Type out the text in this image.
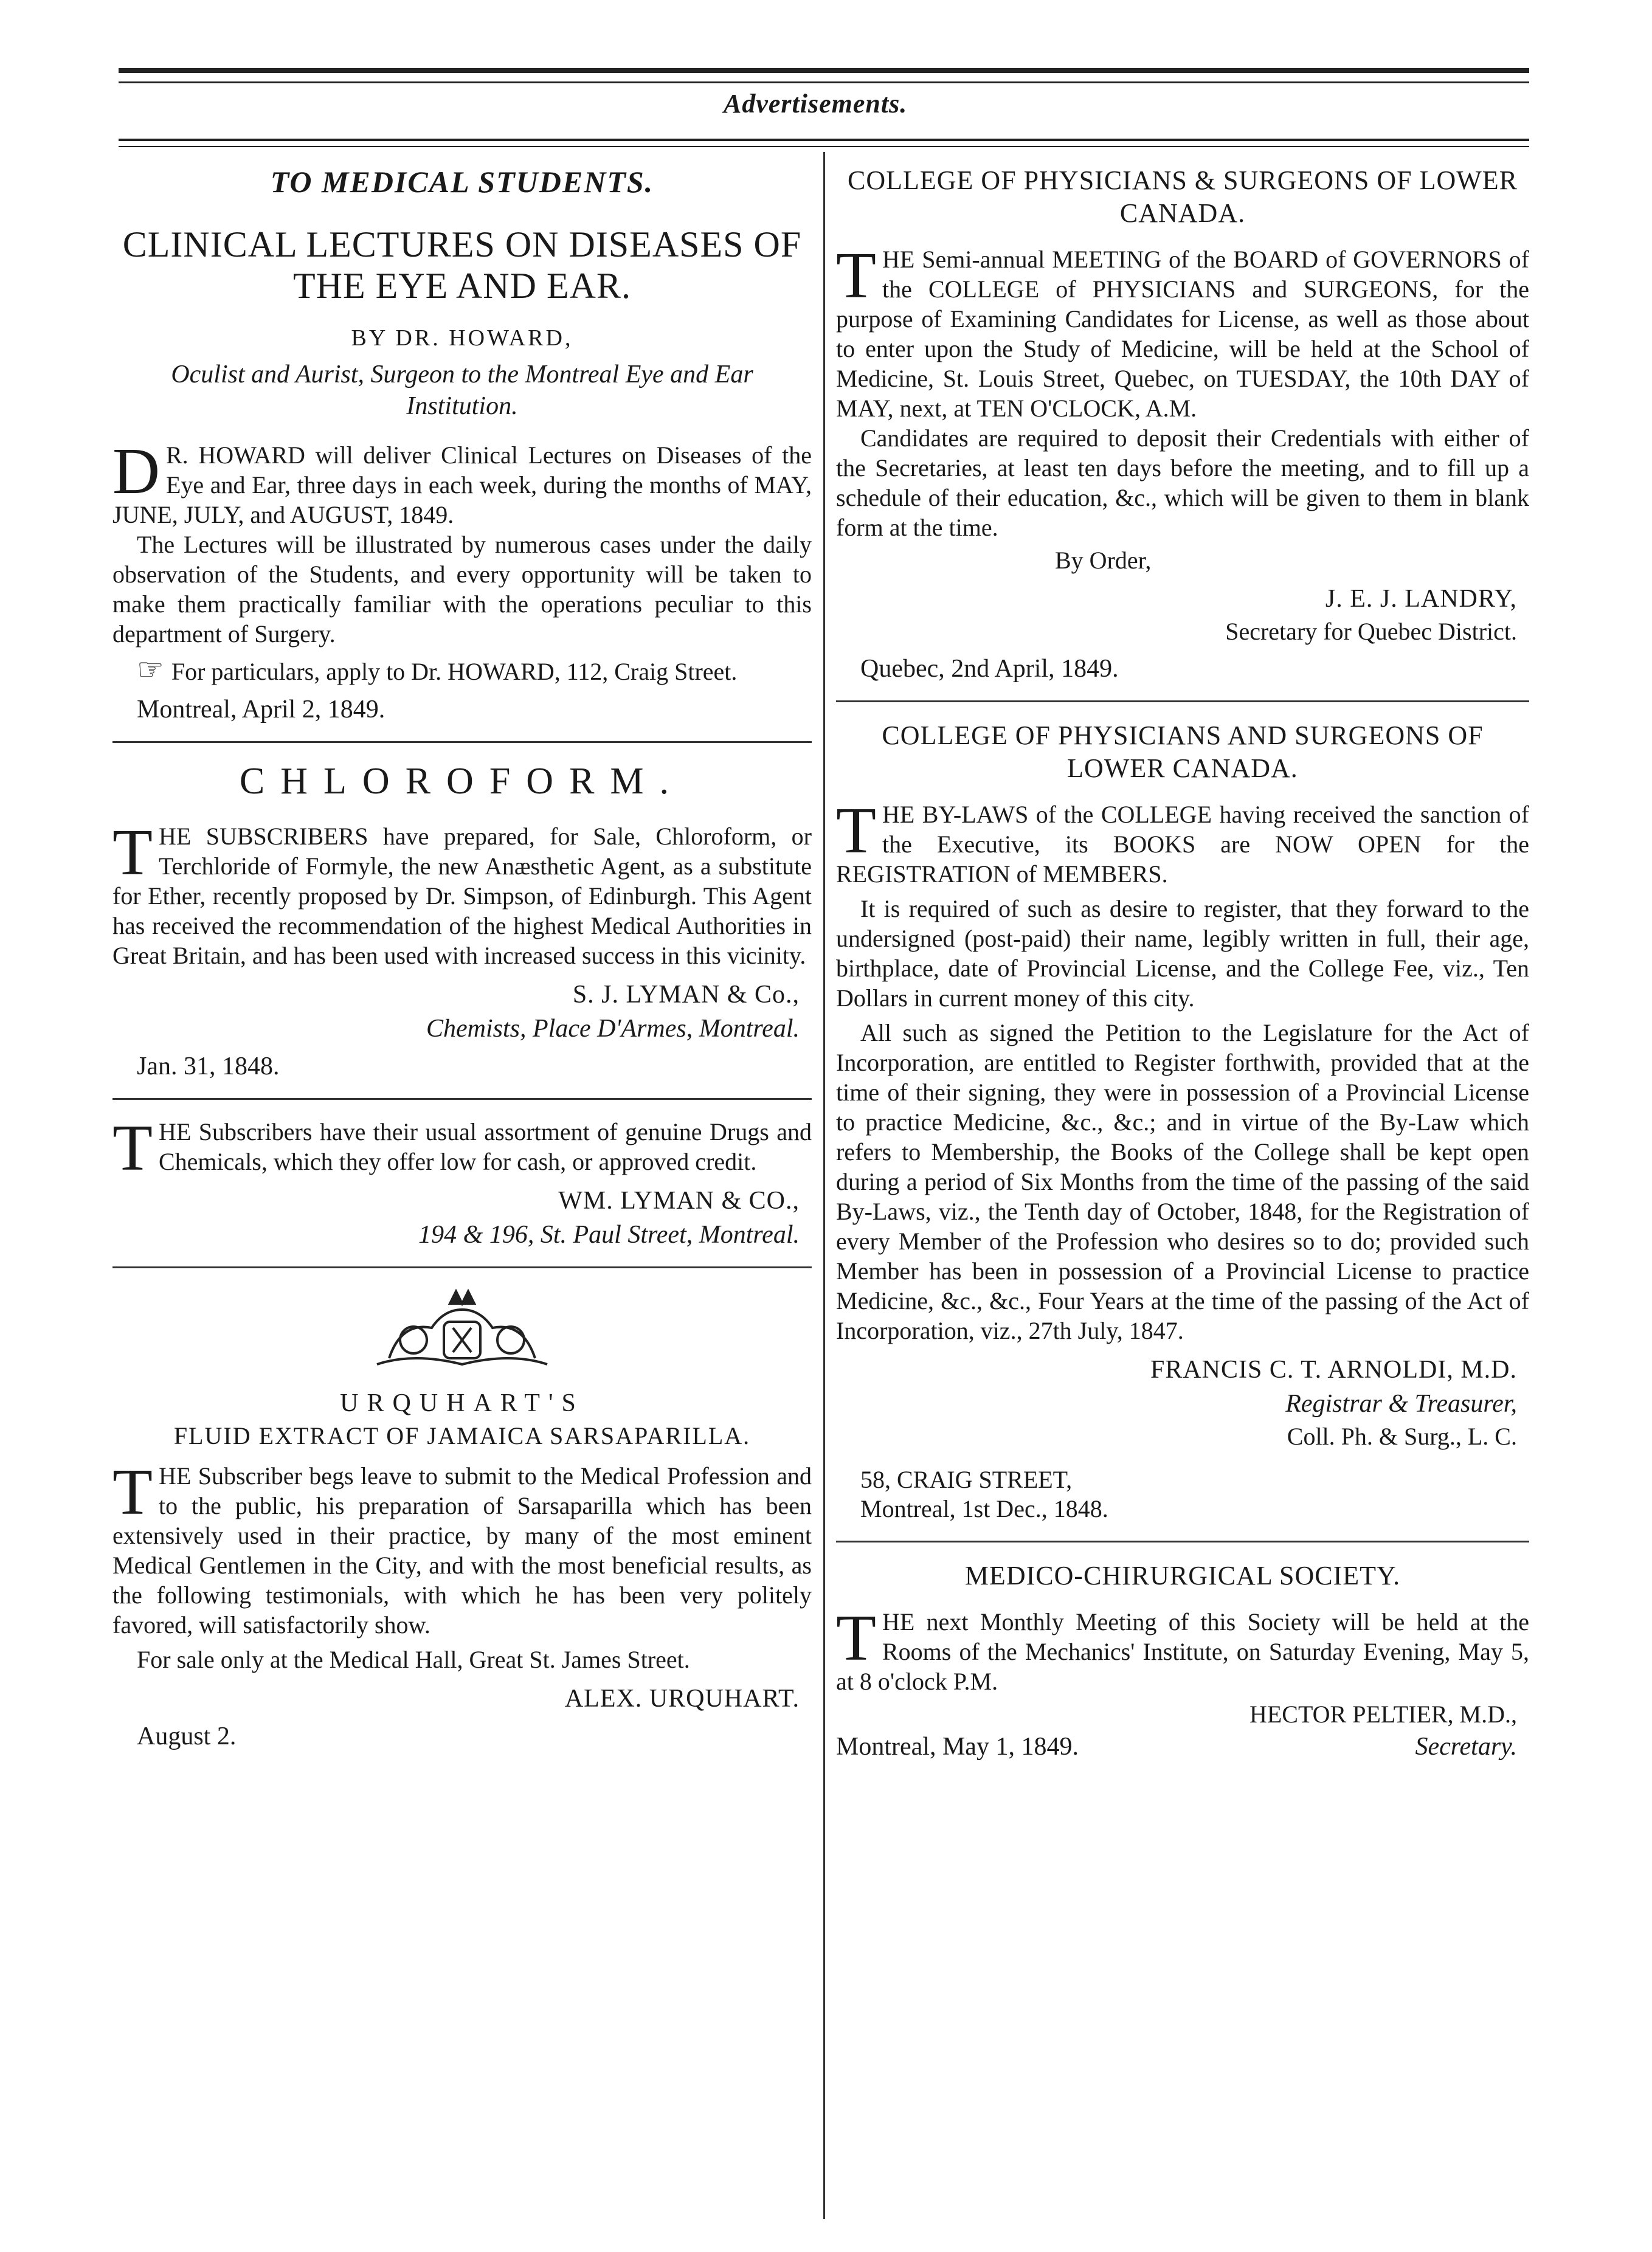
Advertisements.
TO MEDICAL STUDENTS.
CLINICAL LECTURES ON DISEASES OF THE EYE AND EAR.
BY DR. HOWARD,
Oculist and Aurist, Surgeon to the Montreal Eye and Ear Institution.

D R. HOWARD will deliver Clinical Lectures on Diseases of the Eye and Ear, three days in each week, during the months of MAY, JUNE, JULY, and AUGUST, 1849.

The Lectures will be illustrated by numerous cases under the daily observation of the Students, and every opportunity will be taken to make them practically familiar with the operations peculiar to this department of Surgery.

☞ For particulars, apply to Dr. HOWARD, 112, Craig Street.

Montreal, April 2, 1849.
CHLOROFORM.

THE SUBSCRIBERS have prepared, for Sale, Chloroform, or Terchloride of Formyle, the new Anæsthetic Agent, as a substitute for Ether, recently proposed by Dr. Simpson, of Edinburgh. This Agent has received the recommendation of the highest Medical Authorities in Great Britain, and has been used with increased success in this vicinity.

S. J. LYMAN & Co.,
Chemists, Place D'Armes, Montreal.
Jan. 31, 1848.

THE Subscribers have their usual assortment of genuine Drugs and Chemicals, which they offer low for cash, or approved credit.

WM. LYMAN & CO.,
194 & 196, St. Paul Street, Montreal.
URQUHART'S
FLUID EXTRACT OF JAMAICA SARSAPARILLA.

THE Subscriber begs leave to submit to the Medical Profession and to the public, his preparation of Sarsaparilla which has been extensively used in their practice, by many of the most eminent Medical Gentlemen in the City, and with the most beneficial results, as the following testimonials, with which he has been very politely favored, will satisfactorily show.

For sale only at the Medical Hall, Great St. James Street.

ALEX. URQUHART.
August 2.
COLLEGE OF PHYSICIANS & SURGEONS OF LOWER CANADA.

THE Semi-annual MEETING of the BOARD of GOVERNORS of the COLLEGE of PHYSICIANS and SURGEONS, for the purpose of Examining Candidates for License, as well as those about to enter upon the Study of Medicine, will be held at the School of Medicine, St. Louis Street, Quebec, on TUESDAY, the 10th DAY of MAY, next, at TEN O'CLOCK, A.M.

Candidates are required to deposit their Credentials with either of the Secretaries, at least ten days before the meeting, and to fill up a schedule of their education, &c., which will be given to them in blank form at the time.

By Order,
J. E. J. LANDRY,
Secretary for Quebec District.
Quebec, 2nd April, 1849.
COLLEGE OF PHYSICIANS AND SURGEONS OF LOWER CANADA.

THE BY-LAWS of the COLLEGE having received the sanction of the Executive, its BOOKS are NOW OPEN for the REGISTRATION of MEMBERS.

It is required of such as desire to register, that they forward to the undersigned (post-paid) their name, legibly written in full, their age, birthplace, date of Provincial License, and the College Fee, viz., Ten Dollars in current money of this city.

All such as signed the Petition to the Legislature for the Act of Incorporation, are entitled to Register forthwith, provided that at the time of their signing, they were in possession of a Provincial License to practice Medicine, &c., &c.; and in virtue of the By-Law which refers to Membership, the Books of the College shall be kept open during a period of Six Months from the time of the passing of the said By-Laws, viz., the Tenth day of October, 1848, for the Registration of every Member of the Profession who desires so to do; provided such Member has been in possession of a Provincial License to practice Medicine, &c., &c., Four Years at the time of the passing of the Act of Incorporation, viz., 27th July, 1847.

FRANCIS C. T. ARNOLDI, M.D.
Registrar & Treasurer,
Coll. Ph. & Surg., L. C.
58, CRAIG STREET,
Montreal, 1st Dec., 1848.
MEDICO-CHIRURGICAL SOCIETY.

THE next Monthly Meeting of this Society will be held at the Rooms of the Mechanics' Institute, on Saturday Evening, May 5, at 8 o'clock P.M.

HECTOR PELTIER, M.D.,
Montreal, May 1, 1849.	Secretary.
